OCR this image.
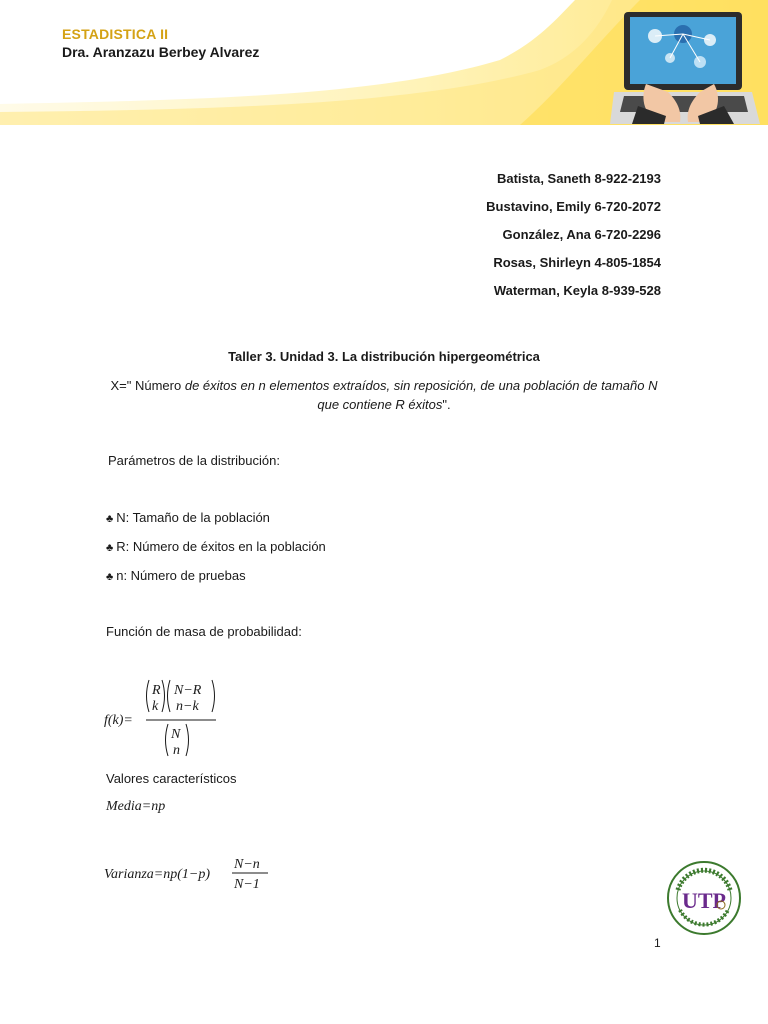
ESTADISTICA II
Dra. Aranzazu Berbey Alvarez
Batista, Saneth 8-922-2193
Bustavino, Emily 6-720-2072
González, Ana 6-720-2296
Rosas, Shirleyn 4-805-1854
Waterman, Keyla 8-939-528
Taller 3. Unidad 3. La distribución hipergeométrica
X=" Número de éxitos en n elementos extraídos, sin reposición, de una población de tamaño N que contiene R éxitos".
Parámetros de la distribución:
♣ N: Tamaño de la población
♣ R: Número de éxitos en la población
♣ n: Número de pruebas
Función de masa de probabilidad:
f(k)=
R
k
N−R
n−k
N
n
Valores característicos
Media=np
Varianza=np(1−p)
N−n
N−1
UTP
1
